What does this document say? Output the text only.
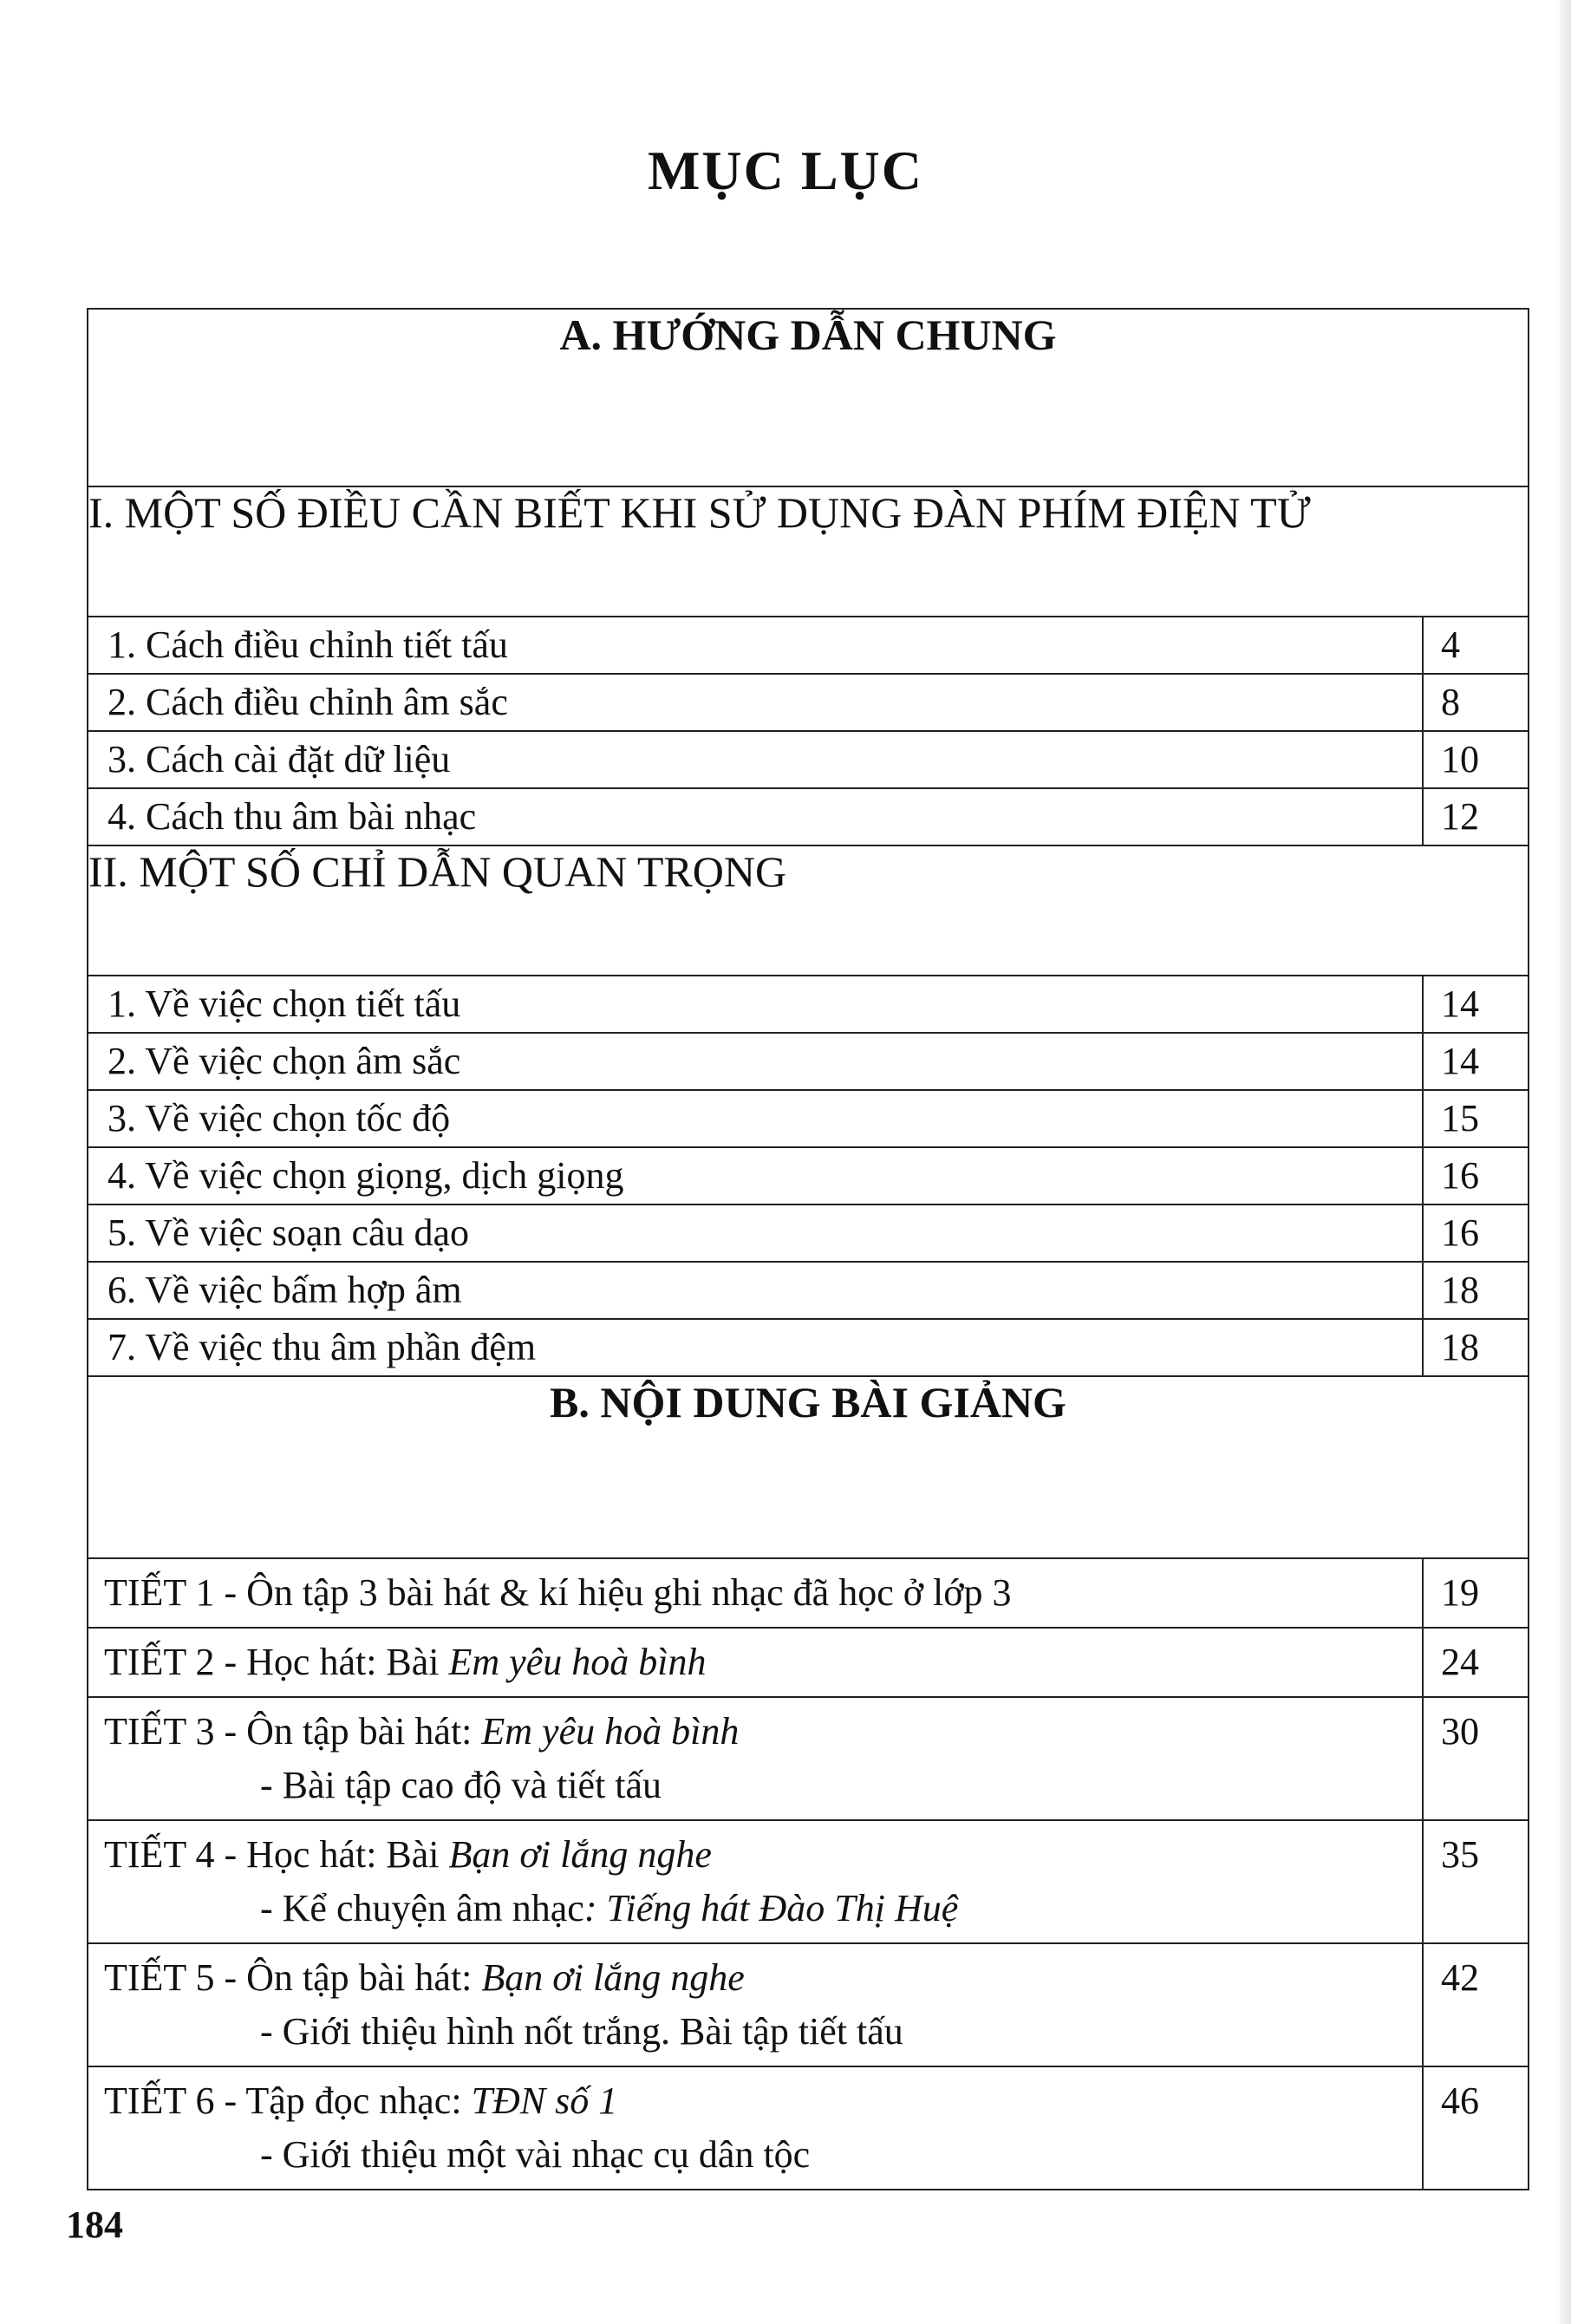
MỤC LỤC
A. HƯỚNG DẪN CHUNG	
I. MỘT SỐ ĐIỀU CẦN BIẾT KHI SỬ DỤNG ĐÀN PHÍM ĐIỆN TỬ	
1. Cách điều chỉnh tiết tấu	4
2. Cách điều chỉnh âm sắc	8
3. Cách cài đặt dữ liệu	10
4. Cách thu âm bài nhạc	12
II. MỘT SỐ CHỈ DẪN QUAN TRỌNG	
1. Về việc chọn tiết tấu	14
2. Về việc chọn âm sắc	14
3. Về việc chọn tốc độ	15
4. Về việc chọn giọng, dịch giọng	16
5. Về việc soạn câu dạo	16
6. Về việc bấm hợp âm	18
7. Về việc thu âm phần đệm	18
B. NỘI DUNG BÀI GIẢNG	

TIẾT 1 - Ôn tập 3 bài hát & kí hiệu ghi nhạc đã học ở lớp 3	19

TIẾT 2 - Học hát: Bài Em yêu hoà bình	24

TIẾT 3 - Ôn tập bài hát: Em yêu hoà bình
- Bài tập cao độ và tiết tấu	30

TIẾT 4 - Học hát: Bài Bạn ơi lắng nghe
- Kể chuyện âm nhạc: Tiếng hát Đào Thị Huệ	35

TIẾT 5 - Ôn tập bài hát: Bạn ơi lắng nghe
- Giới thiệu hình nốt trắng. Bài tập tiết tấu	42

TIẾT 6 - Tập đọc nhạc: TĐN số 1
- Giới thiệu một vài nhạc cụ dân tộc	46
184
